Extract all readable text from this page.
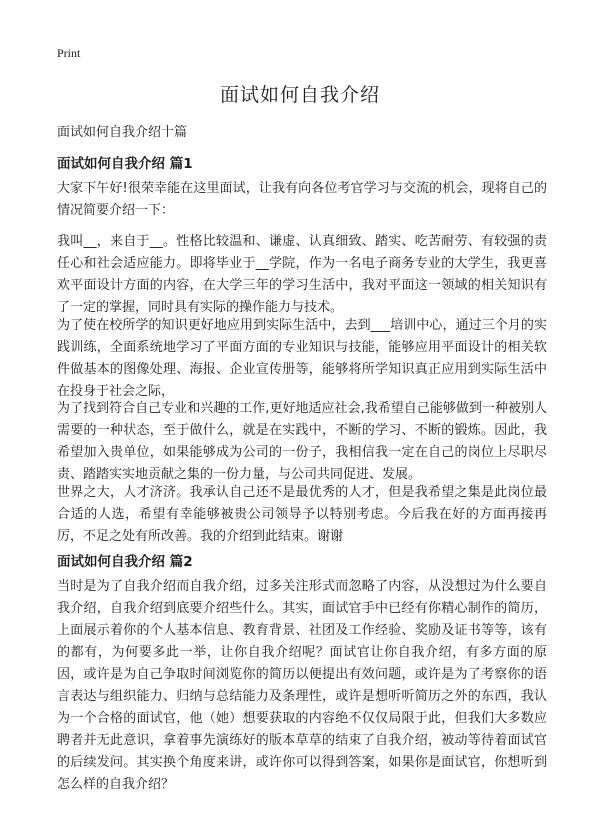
Print
面试如何自我介绍

面试如何自我介绍十篇

面试如何自我介绍 篇1

大家下午好!很荣幸能在这里面试，让我有向各位考官学习与交流的机会，现将自己的情况简要介绍一下：

我叫__，来自于__。性格比较温和、谦虚、认真细致、踏实、吃苦耐劳、有较强的责任心和社会适应能力。即将毕业于__学院，作为一名电子商务专业的大学生，我更喜欢平面设计方面的内容，在大学三年的学习生活中，我对平面这一领域的相关知识有了一定的掌握，同时具有实际的操作能力与技术。

为了使在校所学的知识更好地应用到实际生活中，去到___培训中心，通过三个月的实践训练，全面系统地学习了平面方面的专业知识与技能，能够应用平面设计的相关软件做基本的图像处理、海报、企业宣传册等，能够将所学知识真正应用到实际生活中在投身于社会之际，

为了找到符合自己专业和兴趣的工作,更好地适应社会,我希望自己能够做到一种被别人需要的一种状态，至于做什么，就是在实践中，不断的学习、不断的锻炼。因此，我希望加入贵单位，如果能够成为公司的一份子，我相信我一定在自己的岗位上尽职尽责、踏踏实实地贡献之集的一份力量，与公司共同促进、发展。

世界之大，人才济济。我承认自己还不是最优秀的人才，但是我希望之集是此岗位最合适的人选，希望有幸能够被贵公司领导予以特别考虑。今后我在好的方面再接再厉，不足之处有所改善。我的介绍到此结束。谢谢

面试如何自我介绍 篇2

当时是为了自我介绍而自我介绍，过多关注形式而忽略了内容，从没想过为什么要自我介绍，自我介绍到底要介绍些什么。其实，面试官手中已经有你精心制作的简历，上面展示着你的个人基本信息、教育背景、社团及工作经验、奖励及证书等等，该有的都有，为何要多此一举，让你自我介绍呢？面试官让你自我介绍，有多方面的原因，或许是为自己争取时间浏览你的简历以便提出有效问题，或许是为了考察你的语言表达与组织能力、归纳与总结能力及条理性，或许是想听听简历之外的东西，我认为一个合格的面试官，他（她）想要获取的内容绝不仅仅局限于此，但我们大多数应聘者并无此意识，拿着事先演练好的版本草草的结束了自我介绍，被动等待着面试官的后续发问。其实换个角度来讲，或许你可以得到答案，如果你是面试官，你想听到怎么样的自我介绍？
